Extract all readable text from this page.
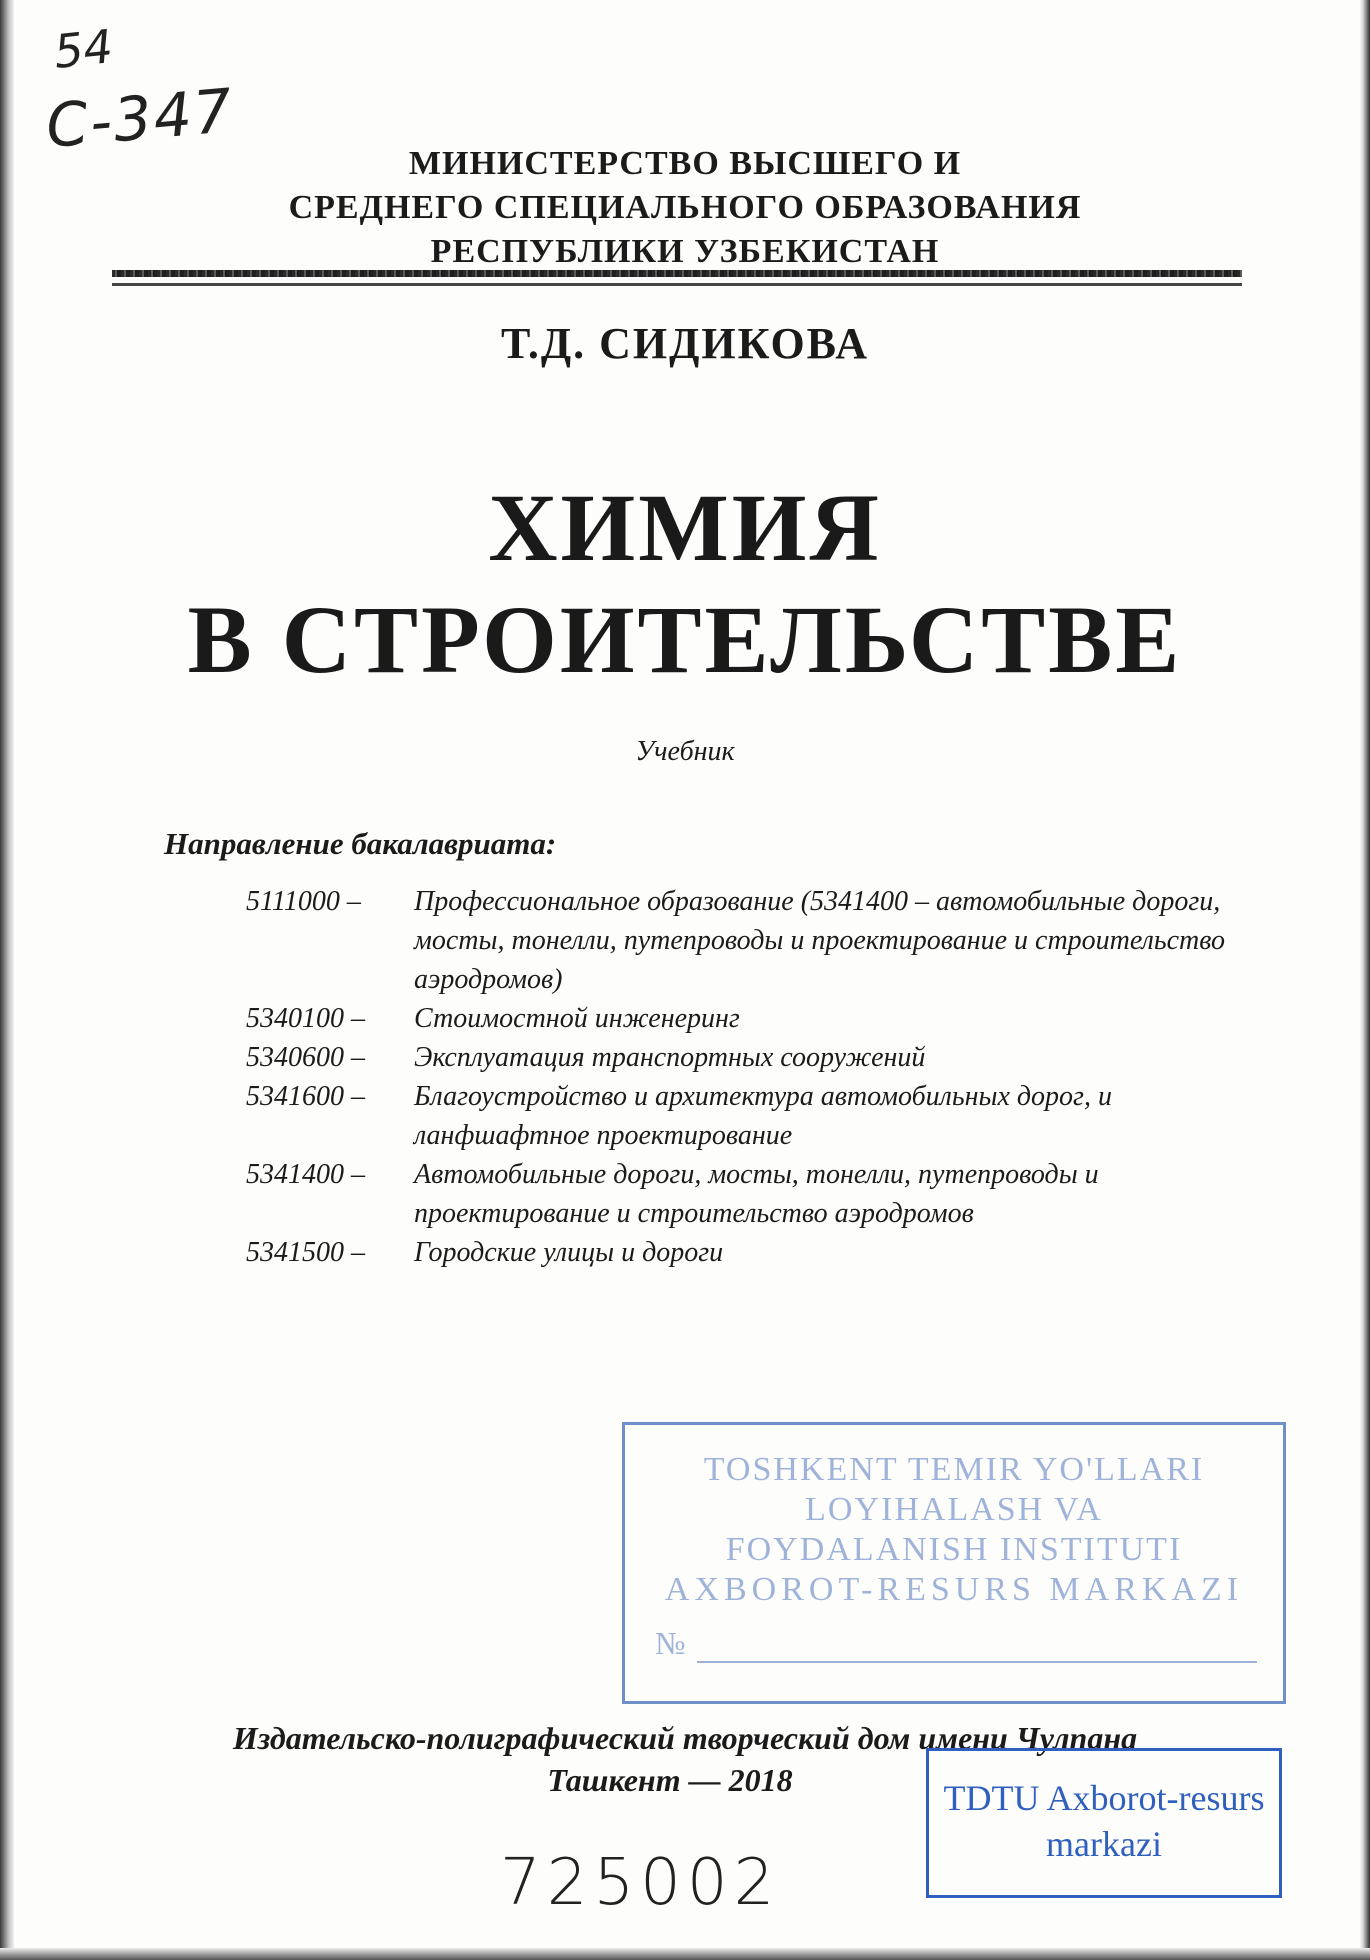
54
С-347
МИНИСТЕРСТВО ВЫСШЕГО И
СРЕДНЕГО СПЕЦИАЛЬНОГО ОБРАЗОВАНИЯ
РЕСПУБЛИКИ УЗБЕКИСТАН
Т.Д. СИДИКОВА
ХИМИЯ
В СТРОИТЕЛЬСТВЕ
Учебник
Направление бакалавриата:
5111000 –	Профессиональное образование (5341400 – автомобильные дороги, мосты, тонелли, путепроводы и проектирование и строительство аэродромов)
5340100 –	Стоимостной инженеринг
5340600 –	Эксплуатация транспортных сооружений
5341600 –	Благоустройство и архитектура автомобильных дорог, и ланфшафтное проектирование
5341400 –	Автомобильные дороги, мосты, тонелли, путепроводы и проектирование и строительство аэродромов
5341500 –	Городские улицы и дороги
TOSHKENT TEMIR YO'LLARI
LOYIHALASH VA
FOYDALANISH INSTITUTI
AXBOROT-RESURS MARKAZI
№
Издательско-полиграфический творческий дом имени Чулпана
Ташкент — 2018	TDTU Axborot-resurs
markazi
725002
